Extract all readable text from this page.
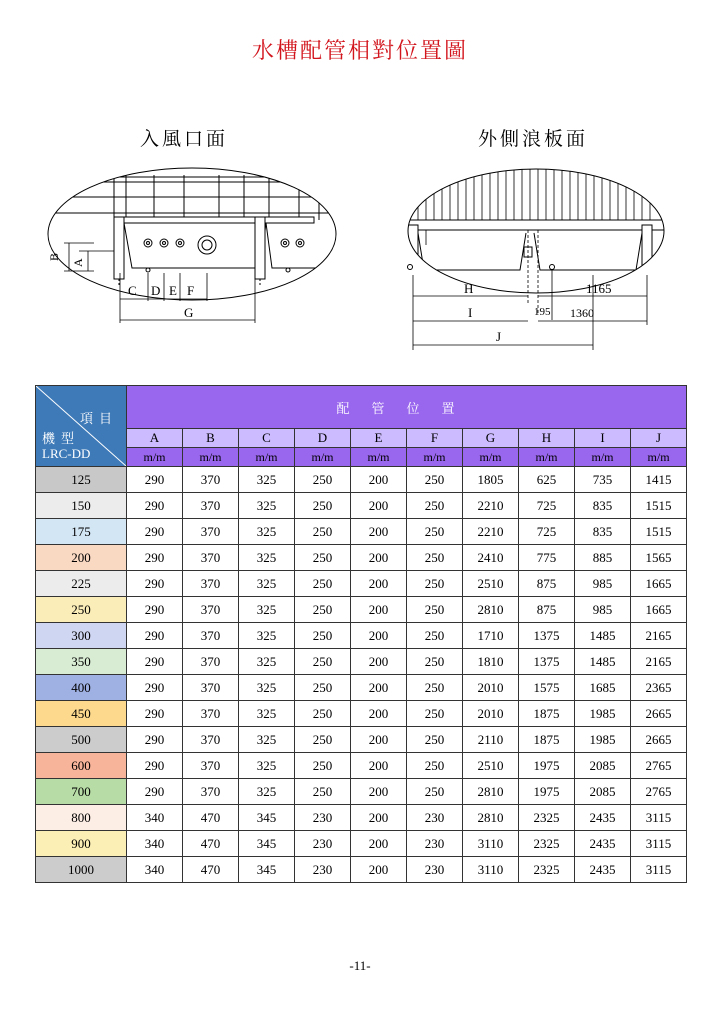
水槽配管相對位置圖
入風口面	外側浪板面
B
A
C D E F
G
H	1165
I	195 1360
J
項目
機型
LRC-DD	配管位置									
	A	B	C	D	E	F	G	H	I	J
	m/m	m/m	m/m	m/m	m/m	m/m	m/m	m/m	m/m	m/m
125	290	370	325	250	200	250	1805	625	735	1415
150	290	370	325	250	200	250	2210	725	835	1515
175	290	370	325	250	200	250	2210	725	835	1515
200	290	370	325	250	200	250	2410	775	885	1565
225	290	370	325	250	200	250	2510	875	985	1665
250	290	370	325	250	200	250	2810	875	985	1665
300	290	370	325	250	200	250	1710	1375	1485	2165
350	290	370	325	250	200	250	1810	1375	1485	2165
400	290	370	325	250	200	250	2010	1575	1685	2365
450	290	370	325	250	200	250	2010	1875	1985	2665
500	290	370	325	250	200	250	2110	1875	1985	2665
600	290	370	325	250	200	250	2510	1975	2085	2765
700	290	370	325	250	200	250	2810	1975	2085	2765
800	340	470	345	230	200	230	2810	2325	2435	3115
900	340	470	345	230	200	230	3110	2325	2435	3115
1000	340	470	345	230	200	230	3110	2325	2435	3115
-11-
